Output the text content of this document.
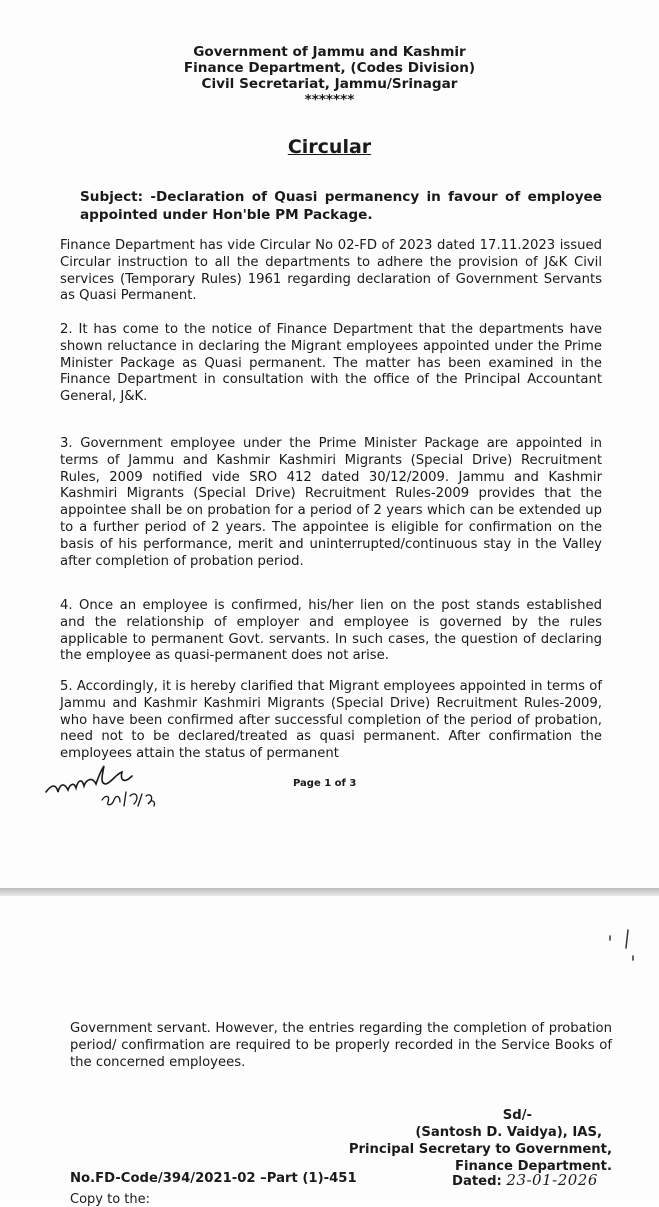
Government of Jammu and Kashmir
Finance Department, (Codes Division)
Civil Secretariat, Jammu/Srinagar
*******
Circular
Subject: -Declaration of Quasi permanency in favour of employee appointed under Hon'ble PM Package.
Finance Department has vide Circular No 02-FD of 2023 dated 17.11.2023 issued Circular instruction to all the departments to adhere the provision of J&K Civil services (Temporary Rules) 1961 regarding declaration of Government Servants as Quasi Permanent.
2. It has come to the notice of Finance Department that the departments have shown reluctance in declaring the Migrant employees appointed under the Prime Minister Package as Quasi permanent. The matter has been examined in the Finance Department in consultation with the office of the Principal Accountant General, J&K.
3. Government employee under the Prime Minister Package are appointed in terms of Jammu and Kashmir Kashmiri Migrants (Special Drive) Recruitment Rules, 2009 notified vide SRO 412 dated 30/12/2009. Jammu and Kashmir Kashmiri Migrants (Special Drive) Recruitment Rules-2009 provides that the appointee shall be on probation for a period of 2 years which can be extended up to a further period of 2 years. The appointee is eligible for confirmation on the basis of his performance, merit and uninterrupted/continuous stay in the Valley after completion of probation period.
4. Once an employee is confirmed, his/her lien on the post stands established and the relationship of employer and employee is governed by the rules applicable to permanent Govt. servants. In such cases, the question of declaring the employee as quasi-permanent does not arise.
5. Accordingly, it is hereby clarified that Migrant employees appointed in terms of Jammu and Kashmir Kashmiri Migrants (Special Drive) Recruitment Rules-2009, who have been confirmed after successful completion of the period of probation, need not to be declared/treated as quasi permanent. After confirmation the employees attain the status of permanent
Page 1 of 3
Government servant. However, the entries regarding the completion of probation period/ confirmation are required to be properly recorded in the Service Books of the concerned employees.
Sd/-
(Santosh D. Vaidya), IAS,
Principal Secretary to Government,
Finance Department.
No.FD-Code/394/2021-02 –Part (1)-451	Dated: 23-01-2026
Copy to the:
